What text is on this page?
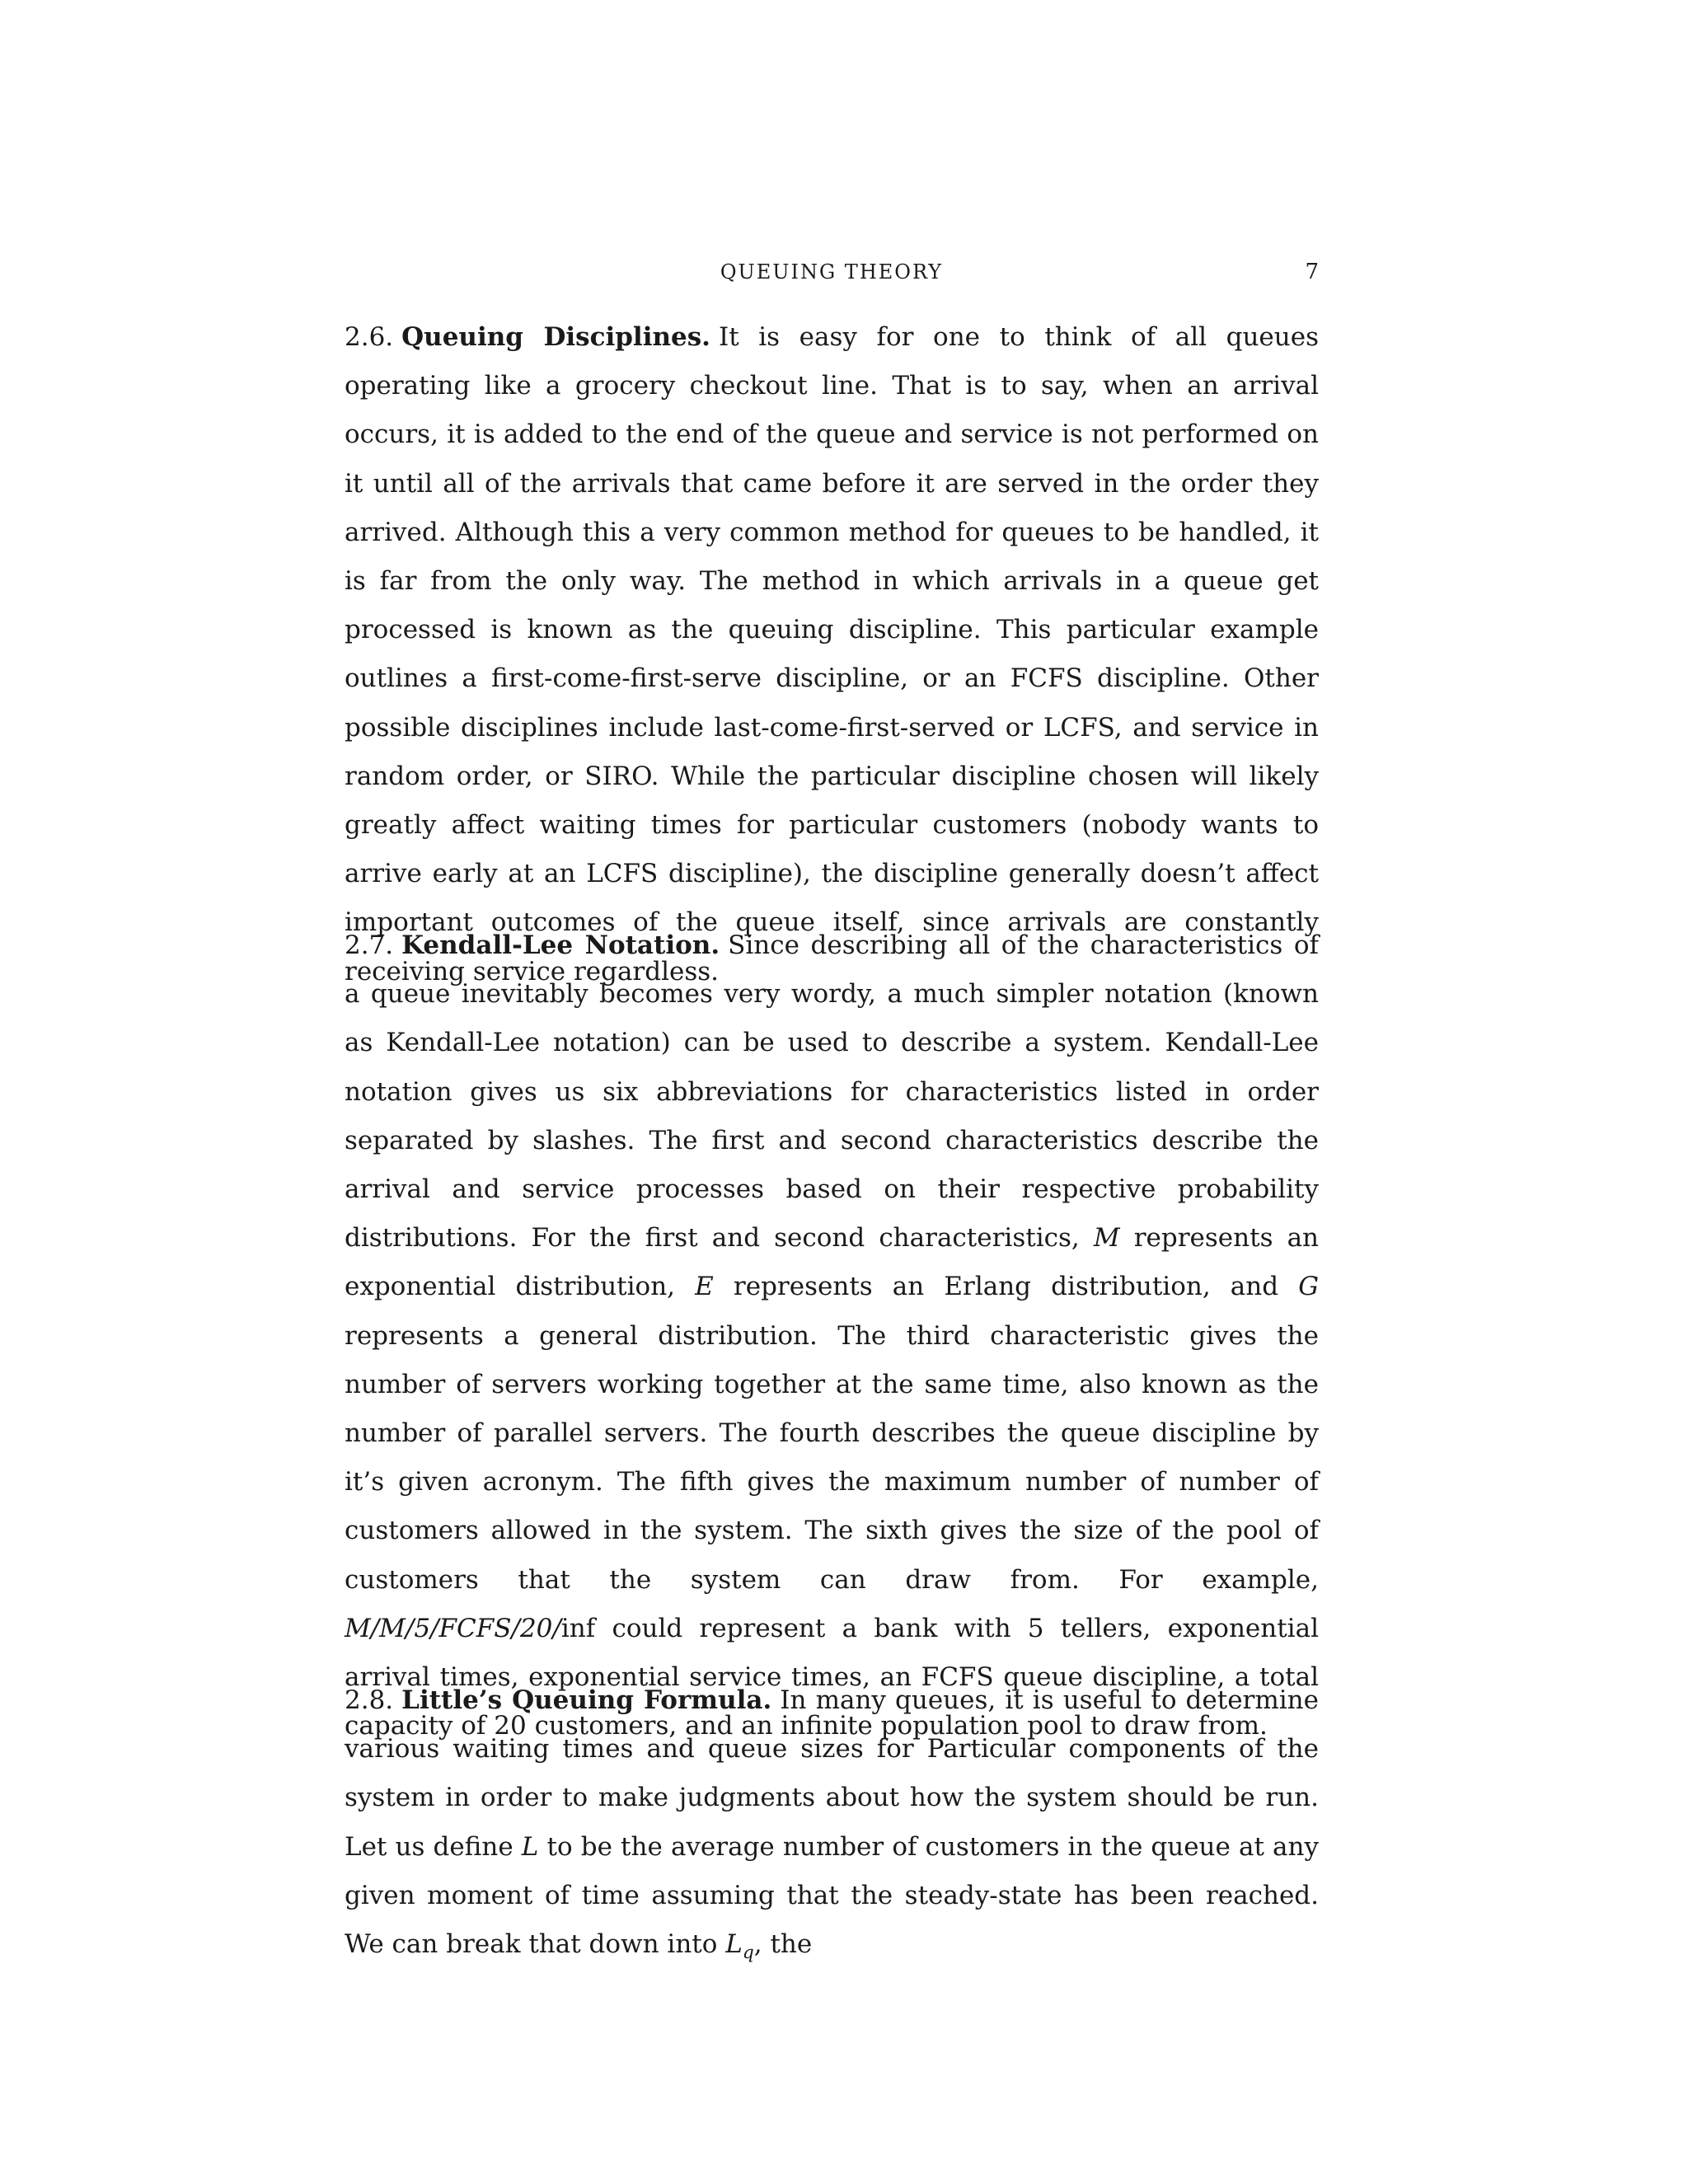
QUEUING THEORY	7

2.6. Queuing Disciplines. It is easy for one to think of all queues operating like a grocery checkout line. That is to say, when an arrival occurs, it is added to the end of the queue and service is not performed on it until all of the arrivals that came before it are served in the order they arrived. Although this a very common method for queues to be handled, it is far from the only way. The method in which arrivals in a queue get processed is known as the queuing discipline. This particular example outlines a first-come-first-serve discipline, or an FCFS discipline. Other possible disciplines include last-come-first-served or LCFS, and service in random order, or SIRO. While the particular discipline chosen will likely greatly affect waiting times for particular customers (nobody wants to arrive early at an LCFS discipline), the discipline generally doesn’t affect important outcomes of the queue itself, since arrivals are constantly receiving service regardless.

2.7. Kendall-Lee Notation. Since describing all of the characteristics of a queue inevitably becomes very wordy, a much simpler notation (known as Kendall-Lee notation) can be used to describe a system. Kendall-Lee notation gives us six abbreviations for characteristics listed in order separated by slashes. The first and second characteristics describe the arrival and service processes based on their respective probability distributions. For the first and second characteristics, M represents an exponential distribution, E represents an Erlang distribution, and G represents a general distribution. The third characteristic gives the number of servers working together at the same time, also known as the number of parallel servers. The fourth describes the queue discipline by it’s given acronym. The fifth gives the maximum number of number of customers allowed in the system. The sixth gives the size of the pool of customers that the system can draw from. For example, M/M/5/FCFS/20/inf could represent a bank with 5 tellers, exponential arrival times, exponential service times, an FCFS queue discipline, a total capacity of 20 customers, and an infinite population pool to draw from.

2.8. Little’s Queuing Formula. In many queues, it is useful to determine various waiting times and queue sizes for Particular components of the system in order to make judgments about how the system should be run. Let us define L to be the average number of customers in the queue at any given moment of time assuming that the steady-state has been reached. We can break that down into $L_q$, the
